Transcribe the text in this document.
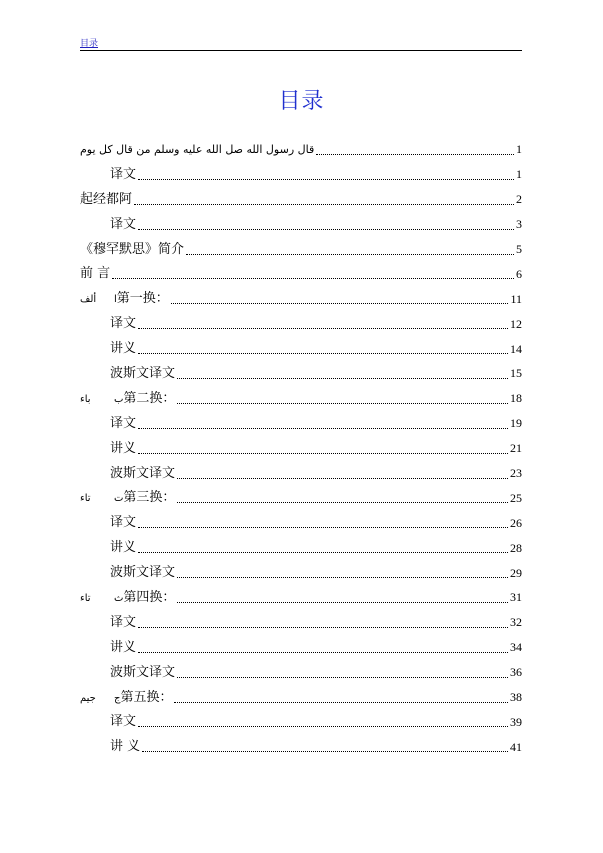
目录
目录
قال رسول الله صل الله عليه وسلم من قال كل يوم	1
译文	1
起经都阿	2
译文	3
《穆罕默思》简介	5
前 言	6
ألف ا第一换：	11
译文	12
讲义	14
波斯文译文	15
باء ب第二换：	18
译文	19
讲义	21
波斯文译文	23
تاء ت第三换：	25
译文	26
讲义	28
波斯文译文	29
تاء ث第四换：	31
译文	32
讲义	34
波斯文译文	36
جيم ج第五换：	38
译文	39
讲 义	41
